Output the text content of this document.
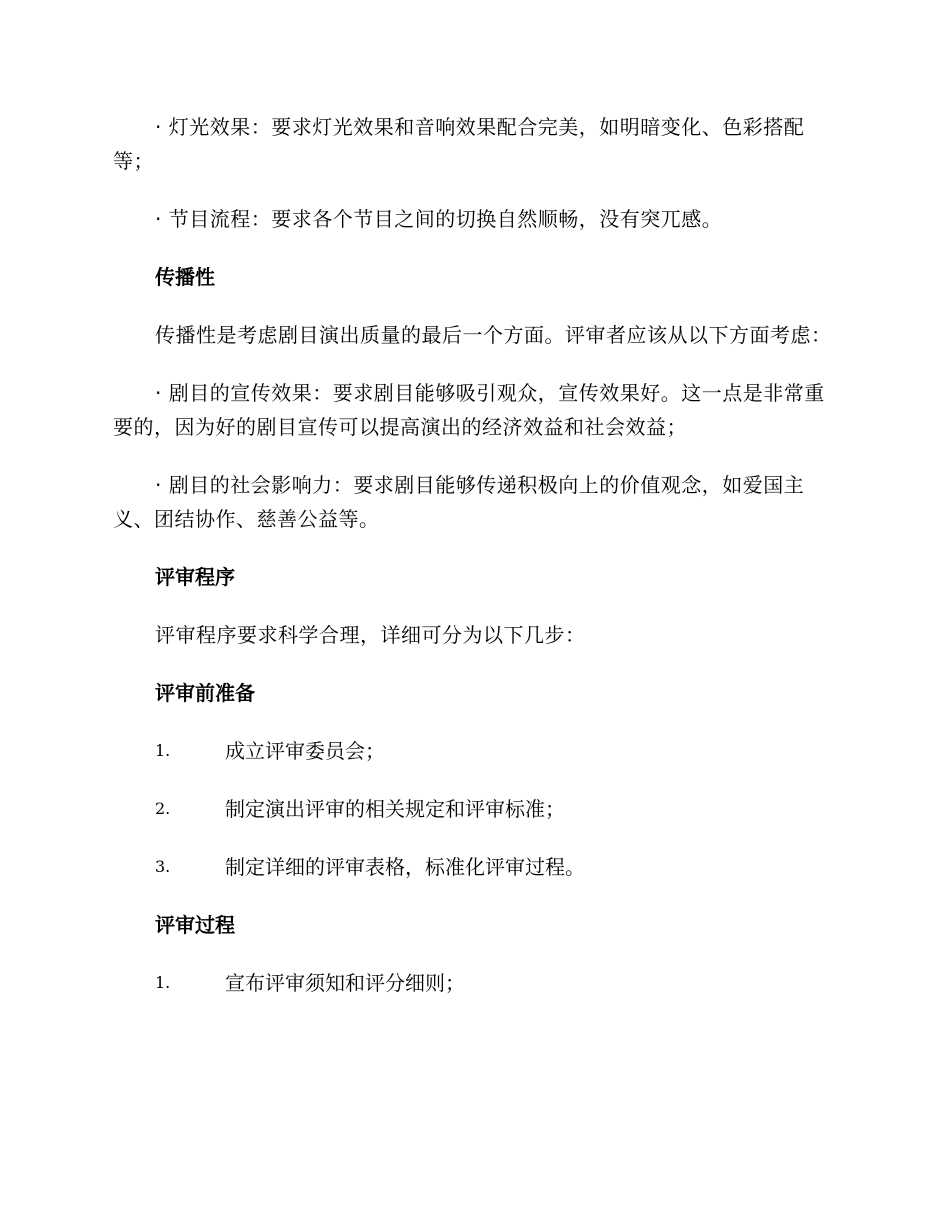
· 灯光效果：要求灯光效果和音响效果配合完美，如明暗变化、色彩搭配等；

· 节目流程：要求各个节目之间的切换自然顺畅，没有突兀感。

传播性

传播性是考虑剧目演出质量的最后一个方面。评审者应该从以下方面考虑：

· 剧目的宣传效果：要求剧目能够吸引观众，宣传效果好。这一点是非常重要的，因为好的剧目宣传可以提高演出的经济效益和社会效益；

· 剧目的社会影响力：要求剧目能够传递积极向上的价值观念，如爱国主义、团结协作、慈善公益等。

评审程序

评审程序要求科学合理，详细可分为以下几步：

评审前准备
1.	成立评审委员会；
2.	制定演出评审的相关规定和评审标准；
3.	制定详细的评审表格，标准化评审过程。
评审过程
1.	宣布评审须知和评分细则；
